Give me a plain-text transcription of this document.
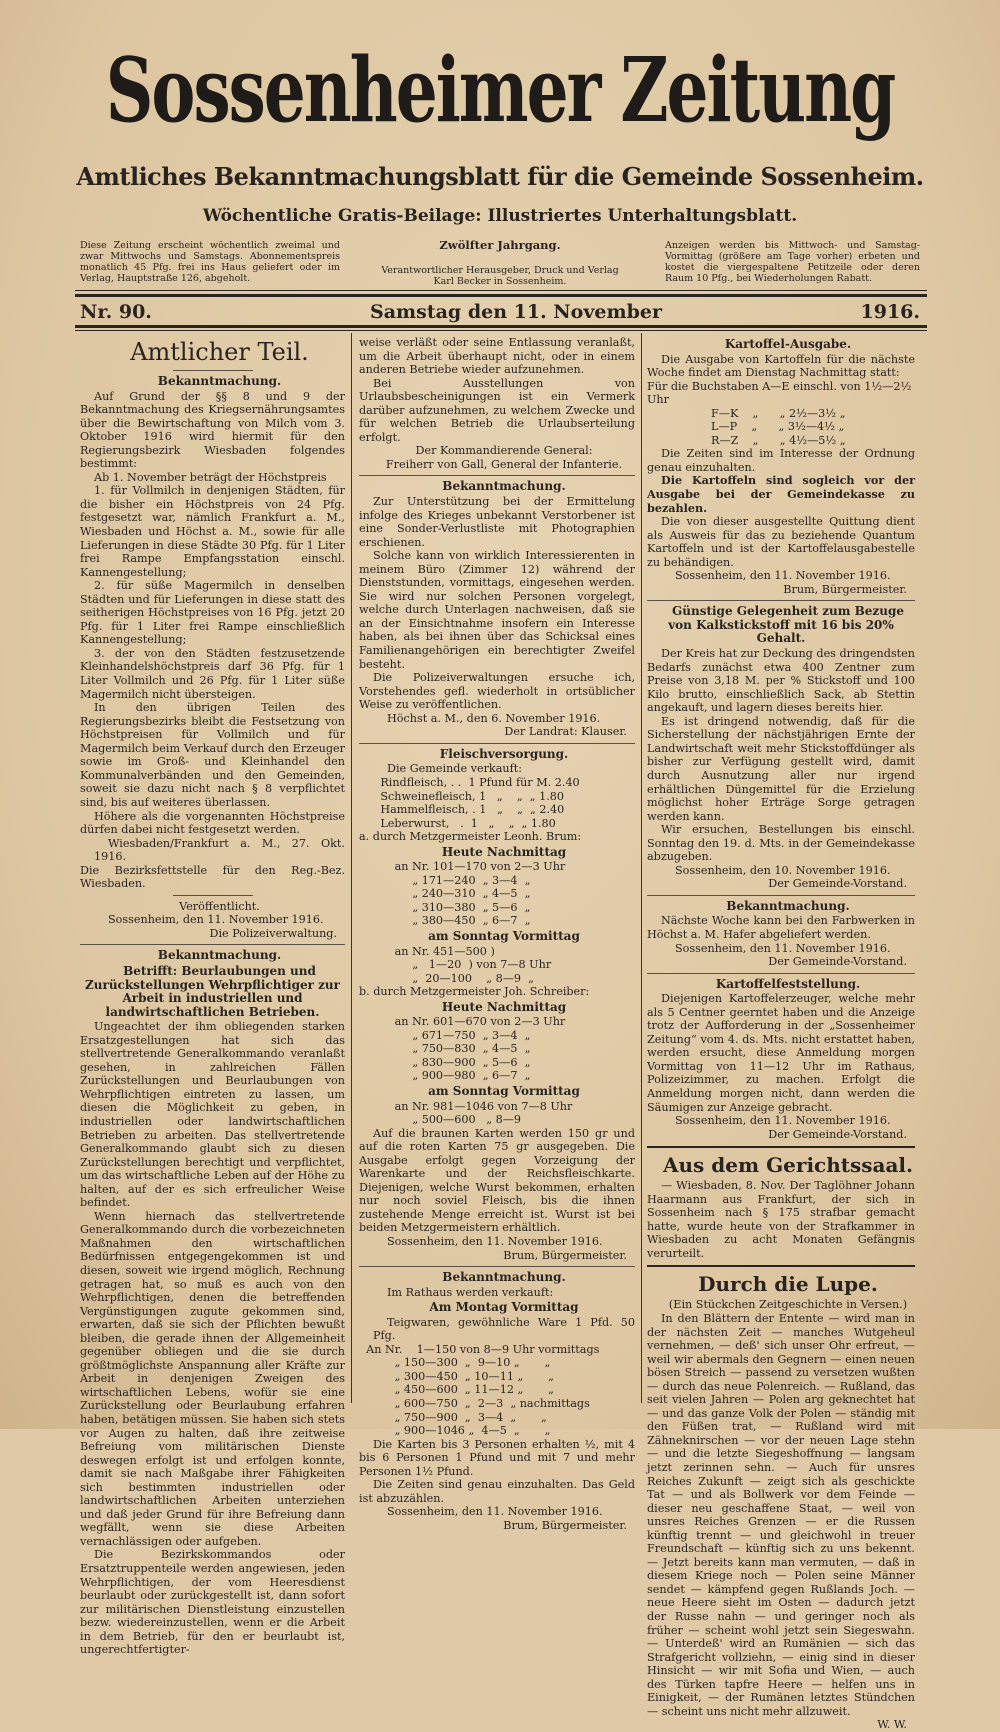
Sossenheimer Zeitung
Amtliches Bekanntmachungsblatt für die Gemeinde Sossenheim.
Wöchentliche Gratis-Beilage: Illustriertes Unterhaltungsblatt.
Diese Zeitung erscheint wöchentlich zweimal und zwar Mittwochs und Samstags. Abonnementspreis monatlich 45 Pfg. frei ins Haus geliefert oder im Verlag, Hauptstraße 126, abgeholt.
Zwölfter Jahrgang.
Verantwortlicher Herausgeber, Druck und Verlag Karl Becker in Sossenheim.
Anzeigen werden bis Mittwoch- und Samstag-Vormittag (größere am Tage vorher) erbeten und kostet die viergespaltene Petitzeile oder deren Raum 10 Pfg., bei Wiederholungen Rabatt.
Nr. 90.	Samstag den 11. November	1916.

Amtlicher Teil.

Bekanntmachung.

Auf Grund der §§ 8 und 9 der Bekanntmachung des Kriegsernährungsamtes über die Bewirtschaftung von Milch vom 3. Oktober 1916 wird hiermit für den Regierungsbezirk Wiesbaden folgendes bestimmt:

Ab 1. November beträgt der Höchstpreis

1. für Vollmilch in denjenigen Städten, für die bisher ein Höchstpreis von 24 Pfg. festgesetzt war, nämlich Frankfurt a. M., Wiesbaden und Höchst a. M., sowie für alle Lieferungen in diese Städte 30 Pfg. für 1 Liter frei Rampe Empfangsstation einschl. Kannengestellung;

2. für süße Magermilch in denselben Städten und für Lieferungen in diese statt des seitherigen Höchstpreises von 16 Pfg. jetzt 20 Pfg. für 1 Liter frei Rampe einschließlich Kannengestellung;

3. der von den Städten festzusetzende Kleinhandelshöchstpreis darf 36 Pfg. für 1 Liter Vollmilch und 26 Pfg. für 1 Liter süße Magermilch nicht übersteigen.

In den übrigen Teilen des Regierungsbezirks bleibt die Festsetzung von Höchstpreisen für Vollmilch und für Magermilch beim Verkauf durch den Erzeuger sowie im Groß- und Kleinhandel den Kommunalverbänden und den Gemeinden, soweit sie dazu nicht nach § 8 verpflichtet sind, bis auf weiteres überlassen.

Höhere als die vorgenannten Höchstpreise dürfen dabei nicht festgesetzt werden.

Wiesbaden/Frankfurt a. M., 27. Okt. 1916.

Die Bezirksfettstelle für den Reg.-Bez. Wiesbaden.

Veröffentlicht.

Sossenheim, den 11. November 1916.

Die Polizeiverwaltung.

Bekanntmachung.

Betrifft: Beurlaubungen und Zurückstellungen Wehrpflichtiger zur Arbeit in industriellen und landwirtschaftlichen Betrieben.

Ungeachtet der ihm obliegenden starken Ersatzgestellungen hat sich das stellvertretende Generalkommando veranlaßt gesehen, in zahlreichen Fällen Zurückstellungen und Beurlaubungen von Wehrpflichtigen eintreten zu lassen, um diesen die Möglichkeit zu geben, in industriellen oder landwirtschaftlichen Betrieben zu arbeiten. Das stellvertretende Generalkommando glaubt sich zu diesen Zurückstellungen berechtigt und verpflichtet, um das wirtschaftliche Leben auf der Höhe zu halten, auf der es sich erfreulicher Weise befindet.

Wenn hiernach das stellvertretende Generalkommando durch die vorbezeichneten Maßnahmen den wirtschaftlichen Bedürfnissen entgegengekommen ist und diesen, soweit wie irgend möglich, Rechnung getragen hat, so muß es auch von den Wehrpflichtigen, denen die betreffenden Vergünstigungen zugute gekommen sind, erwarten, daß sie sich der Pflichten bewußt bleiben, die gerade ihnen der Allgemeinheit gegenüber obliegen und die sie durch größtmöglichste Anspannung aller Kräfte zur Arbeit in denjenigen Zweigen des wirtschaftlichen Lebens, wofür sie eine Zurückstellung oder Beurlaubung erfahren haben, betätigen müssen. Sie haben sich stets vor Augen zu halten, daß ihre zeitweise Befreiung vom militärischen Dienste deswegen erfolgt ist und erfolgen konnte, damit sie nach Maßgabe ihrer Fähigkeiten sich bestimmten industriellen oder landwirtschaftlichen Arbeiten unterziehen und daß jeder Grund für ihre Befreiung dann wegfällt, wenn sie diese Arbeiten vernachlässigen oder aufgeben.

Die Bezirkskommandos oder Ersatztruppenteile werden angewiesen, jeden Wehrpflichtigen, der vom Heeresdienst beurlaubt oder zurückgestellt ist, dann sofort zur militärischen Dienstleistung einzustellen bezw. wiedereinzustellen, wenn er die Arbeit in dem Betrieb, für den er beurlaubt ist, ungerechtfertigter-

weise verläßt oder seine Entlassung veranlaßt, um die Arbeit überhaupt nicht, oder in einem anderen Betriebe wieder aufzunehmen.

Bei Ausstellungen von Urlaubsbescheinigungen ist ein Vermerk darüber aufzunehmen, zu welchem Zwecke und für welchen Betrieb die Urlaubserteilung erfolgt.

Der Kommandierende General:

Freiherr von Gall, General der Infanterie.

Bekanntmachung.

Zur Unterstützung bei der Ermittelung infolge des Krieges unbekannt Verstorbener ist eine Sonder-Verlustliste mit Photographien erschienen.

Solche kann von wirklich Interessierenten in meinem Büro (Zimmer 12) während der Dienststunden, vormittags, eingesehen werden. Sie wird nur solchen Personen vorgelegt, welche durch Unterlagen nachweisen, daß sie an der Einsichtnahme insofern ein Interesse haben, als bei ihnen über das Schicksal eines Familienangehörigen ein berechtigter Zweifel besteht.

Die Polizeiverwaltungen ersuche ich, Vorstehendes gefl. wiederholt in ortsüblicher Weise zu veröffentlichen.

Höchst a. M., den 6. November 1916.

Der Landrat: Klauser.

Fleischversorgung.

Die Gemeinde verkauft:

Rindfleisch, . .  1 Pfund für M. 2.40
Schweinefleisch, 1   „    „  „ 1.80
Hammelfleisch, . 1   „    „  „ 2.40
Leberwurst,   .  1   „    „  „ 1.80

a. durch Metzgermeister Leonh. Brum:

Heute Nachmittag

an Nr. 101—170 von 2—3 Uhr
„ 171—240  „ 3—4  „
„ 240—310  „ 4—5  „
„ 310—380  „ 5—6  „
„ 380—450  „ 6—7  „

am Sonntag Vormittag

an Nr. 451—500 )
„   1—20  ) von 7—8 Uhr
„  20—100    „ 8—9  „

b. durch Metzgermeister Joh. Schreiber:

Heute Nachmittag

an Nr. 601—670 von 2—3 Uhr
„ 671—750  „ 3—4  „
„ 750—830  „ 4—5  „
„ 830—900  „ 5—6  „
„ 900—980  „ 6—7  „

am Sonntag Vormittag

an Nr. 981—1046 von 7—8 Uhr
„ 500—600   „ 8—9

Auf die braunen Karten werden 150 gr und auf die roten Karten 75 gr ausgegeben. Die Ausgabe erfolgt gegen Vorzeigung der Warenkarte und der Reichsfleischkarte. Diejenigen, welche Wurst bekommen, erhalten nur noch soviel Fleisch, bis die ihnen zustehende Menge erreicht ist. Wurst ist bei beiden Metzgermeistern erhältlich.

Sossenheim, den 11. November 1916.

Brum, Bürgermeister.

Bekanntmachung.

Im Rathaus werden verkauft:

Am Montag Vormittag

Teigwaren, gewöhnliche Ware 1 Pfd. 50 Pfg.

An Nr.    1—150 von 8—9 Uhr vormittags
„ 150—300  „  9—10 „       „
„ 300—450  „ 10—11 „       „
„ 450—600  „ 11—12 „       „
„ 600—750  „  2—3  „ nachmittags
„ 750—900  „  3—4  „       „
„ 900—1046 „  4—5  „       „

Die Karten bis 3 Personen erhalten ½, mit 4 bis 6 Personen 1 Pfund und mit 7 und mehr Personen 1½ Pfund.

Die Zeiten sind genau einzuhalten. Das Geld ist abzuzählen.

Sossenheim, den 11. November 1916.

Brum, Bürgermeister.

Kartoffel-Ausgabe.

Die Ausgabe von Kartoffeln für die nächste Woche findet am Dienstag Nachmittag statt:

Für die Buchstaben A—E einschl. von 1½—2½ Uhr
F—K    „      „ 2½—3½ „
L—P    „      „ 3½—4½ „
R—Z    „      „ 4½—5½ „

Die Zeiten sind im Interesse der Ordnung genau einzuhalten.

Die Kartoffeln sind sogleich vor der Ausgabe bei der Gemeindekasse zu bezahlen.

Die von dieser ausgestellte Quittung dient als Ausweis für das zu beziehende Quantum Kartoffeln und ist der Kartoffelausgabestelle zu behändigen.

Sossenheim, den 11. November 1916.

Brum, Bürgermeister.

Günstige Gelegenheit zum Bezuge von Kalkstickstoff mit 16 bis 20% Gehalt.

Der Kreis hat zur Deckung des dringendsten Bedarfs zunächst etwa 400 Zentner zum Preise von 3,18 M. per % Stickstoff und 100 Kilo brutto, einschließlich Sack, ab Stettin angekauft, und lagern dieses bereits hier.

Es ist dringend notwendig, daß für die Sicherstellung der nächstjährigen Ernte der Landwirtschaft weit mehr Stickstoffdünger als bisher zur Verfügung gestellt wird, damit durch Ausnutzung aller nur irgend erhältlichen Düngemittel für die Erzielung möglichst hoher Erträge Sorge getragen werden kann.

Wir ersuchen, Bestellungen bis einschl. Sonntag den 19. d. Mts. in der Gemeindekasse abzugeben.

Sossenheim, den 10. November 1916.

Der Gemeinde-Vorstand.

Bekanntmachung.

Nächste Woche kann bei den Farbwerken in Höchst a. M. Hafer abgeliefert werden.

Sossenheim, den 11. November 1916.

Der Gemeinde-Vorstand.

Kartoffelfeststellung.

Diejenigen Kartoffelerzeuger, welche mehr als 5 Centner geerntet haben und die Anzeige trotz der Aufforderung in der „Sossenheimer Zeitung“ vom 4. ds. Mts. nicht erstattet haben, werden ersucht, diese Anmeldung morgen Vormittag von 11—12 Uhr im Rathaus, Polizeizimmer, zu machen. Erfolgt die Anmeldung morgen nicht, dann werden die Säumigen zur Anzeige gebracht.

Sossenheim, den 11. November 1916.

Der Gemeinde-Vorstand.

Aus dem Gerichtssaal.

— Wiesbaden, 8. Nov. Der Taglöhner Johann Haarmann aus Frankfurt, der sich in Sossenheim nach § 175 strafbar gemacht hatte, wurde heute von der Strafkammer in Wiesbaden zu acht Monaten Gefängnis verurteilt.

Durch die Lupe.

(Ein Stückchen Zeitgeschichte in Versen.)

In den Blättern der Entente — wird man in der nächsten Zeit — manches Wutgeheul vernehmen, — deß' sich unser Ohr erfreut, — weil wir abermals den Gegnern — einen neuen bösen Streich — passend zu versetzen wußten — durch das neue Polenreich. — Rußland, das seit vielen Jahren — Polen arg geknechtet hat — und das ganze Volk der Polen — ständig mit den Füßen trat, — Rußland wird mit Zähneknirschen — vor der neuen Lage stehn — und die letzte Siegeshoffnung — langsam jetzt zerinnen sehn. — Auch für unsres Reiches Zukunft — zeigt sich als geschickte Tat — und als Bollwerk vor dem Feinde — dieser neu geschaffene Staat, — weil von unsres Reiches Grenzen — er die Russen künftig trennt — und gleichwohl in treuer Freundschaft — künftig sich zu uns bekennt. — Jetzt bereits kann man vermuten, — daß in diesem Kriege noch — Polen seine Männer sendet — kämpfend gegen Rußlands Joch. — neue Heere sieht im Osten — dadurch jetzt der Russe nahn — und geringer noch als früher — scheint wohl jetzt sein Siegeswahn. — Unterdeß' wird an Rumänien — sich das Strafgericht vollziehn, — einig sind in dieser Hinsicht — wir mit Sofia und Wien, — auch des Türken tapfre Heere — helfen uns in Einigkeit, — der Rumänen letztes Stündchen — scheint uns nicht mehr allzuweit.

W. W.
